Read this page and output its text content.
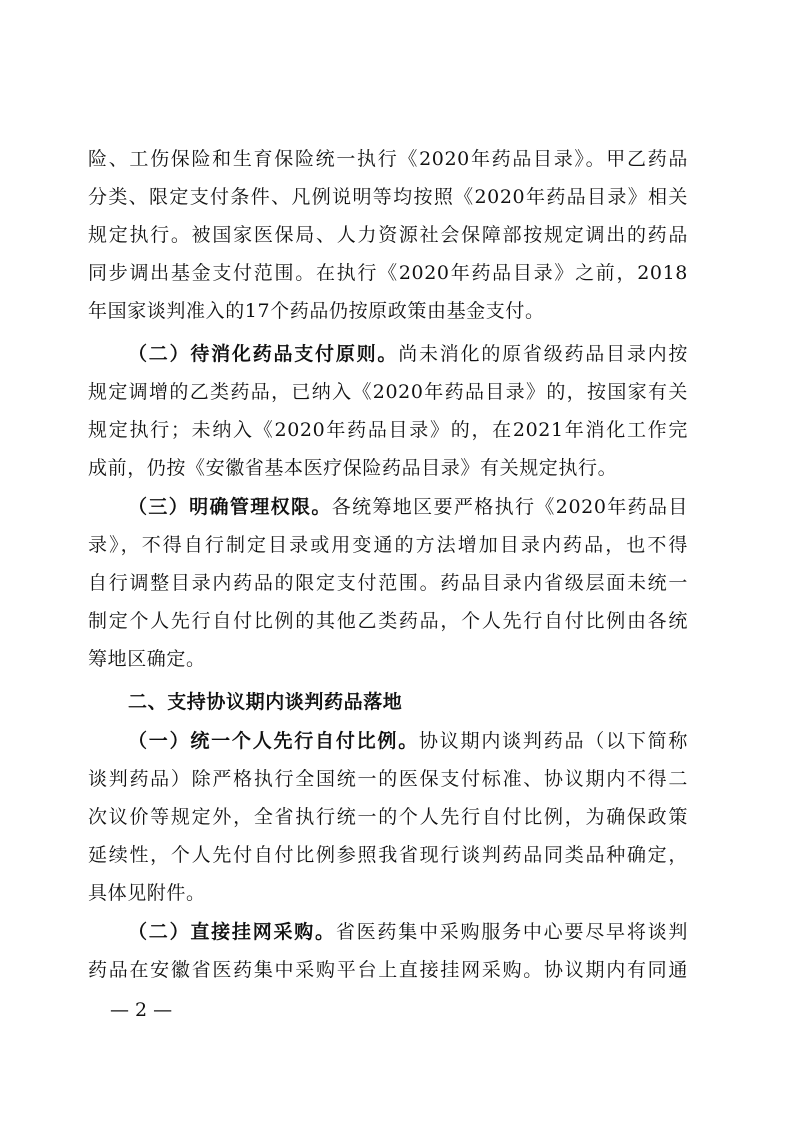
险、工伤保险和生育保险统一执行《2020年药品目录》。甲乙药品
分类、限定支付条件、凡例说明等均按照《2020年药品目录》相关
规定执行。被国家医保局、人力资源社会保障部按规定调出的药品
同步调出基金支付范围。在执行《2020年药品目录》之前，2018
年国家谈判准入的17个药品仍按原政策由基金支付。
（二）待消化药品支付原则。尚未消化的原省级药品目录内按
规定调增的乙类药品，已纳入《2020年药品目录》的，按国家有关
规定执行；未纳入《2020年药品目录》的，在2021年消化工作完
成前，仍按《安徽省基本医疗保险药品目录》有关规定执行。
（三）明确管理权限。各统筹地区要严格执行《2020年药品目
录》，不得自行制定目录或用变通的方法增加目录内药品，也不得
自行调整目录内药品的限定支付范围。药品目录内省级层面未统一
制定个人先行自付比例的其他乙类药品，个人先行自付比例由各统
筹地区确定。
二、支持协议期内谈判药品落地
（一）统一个人先行自付比例。协议期内谈判药品（以下简称
谈判药品）除严格执行全国统一的医保支付标准、协议期内不得二
次议价等规定外，全省执行统一的个人先行自付比例，为确保政策
延续性，个人先付自付比例参照我省现行谈判药品同类品种确定，
具体见附件。
（二）直接挂网采购。省医药集中采购服务中心要尽早将谈判
药品在安徽省医药集中采购平台上直接挂网采购。协议期内有同通
— 2 —
